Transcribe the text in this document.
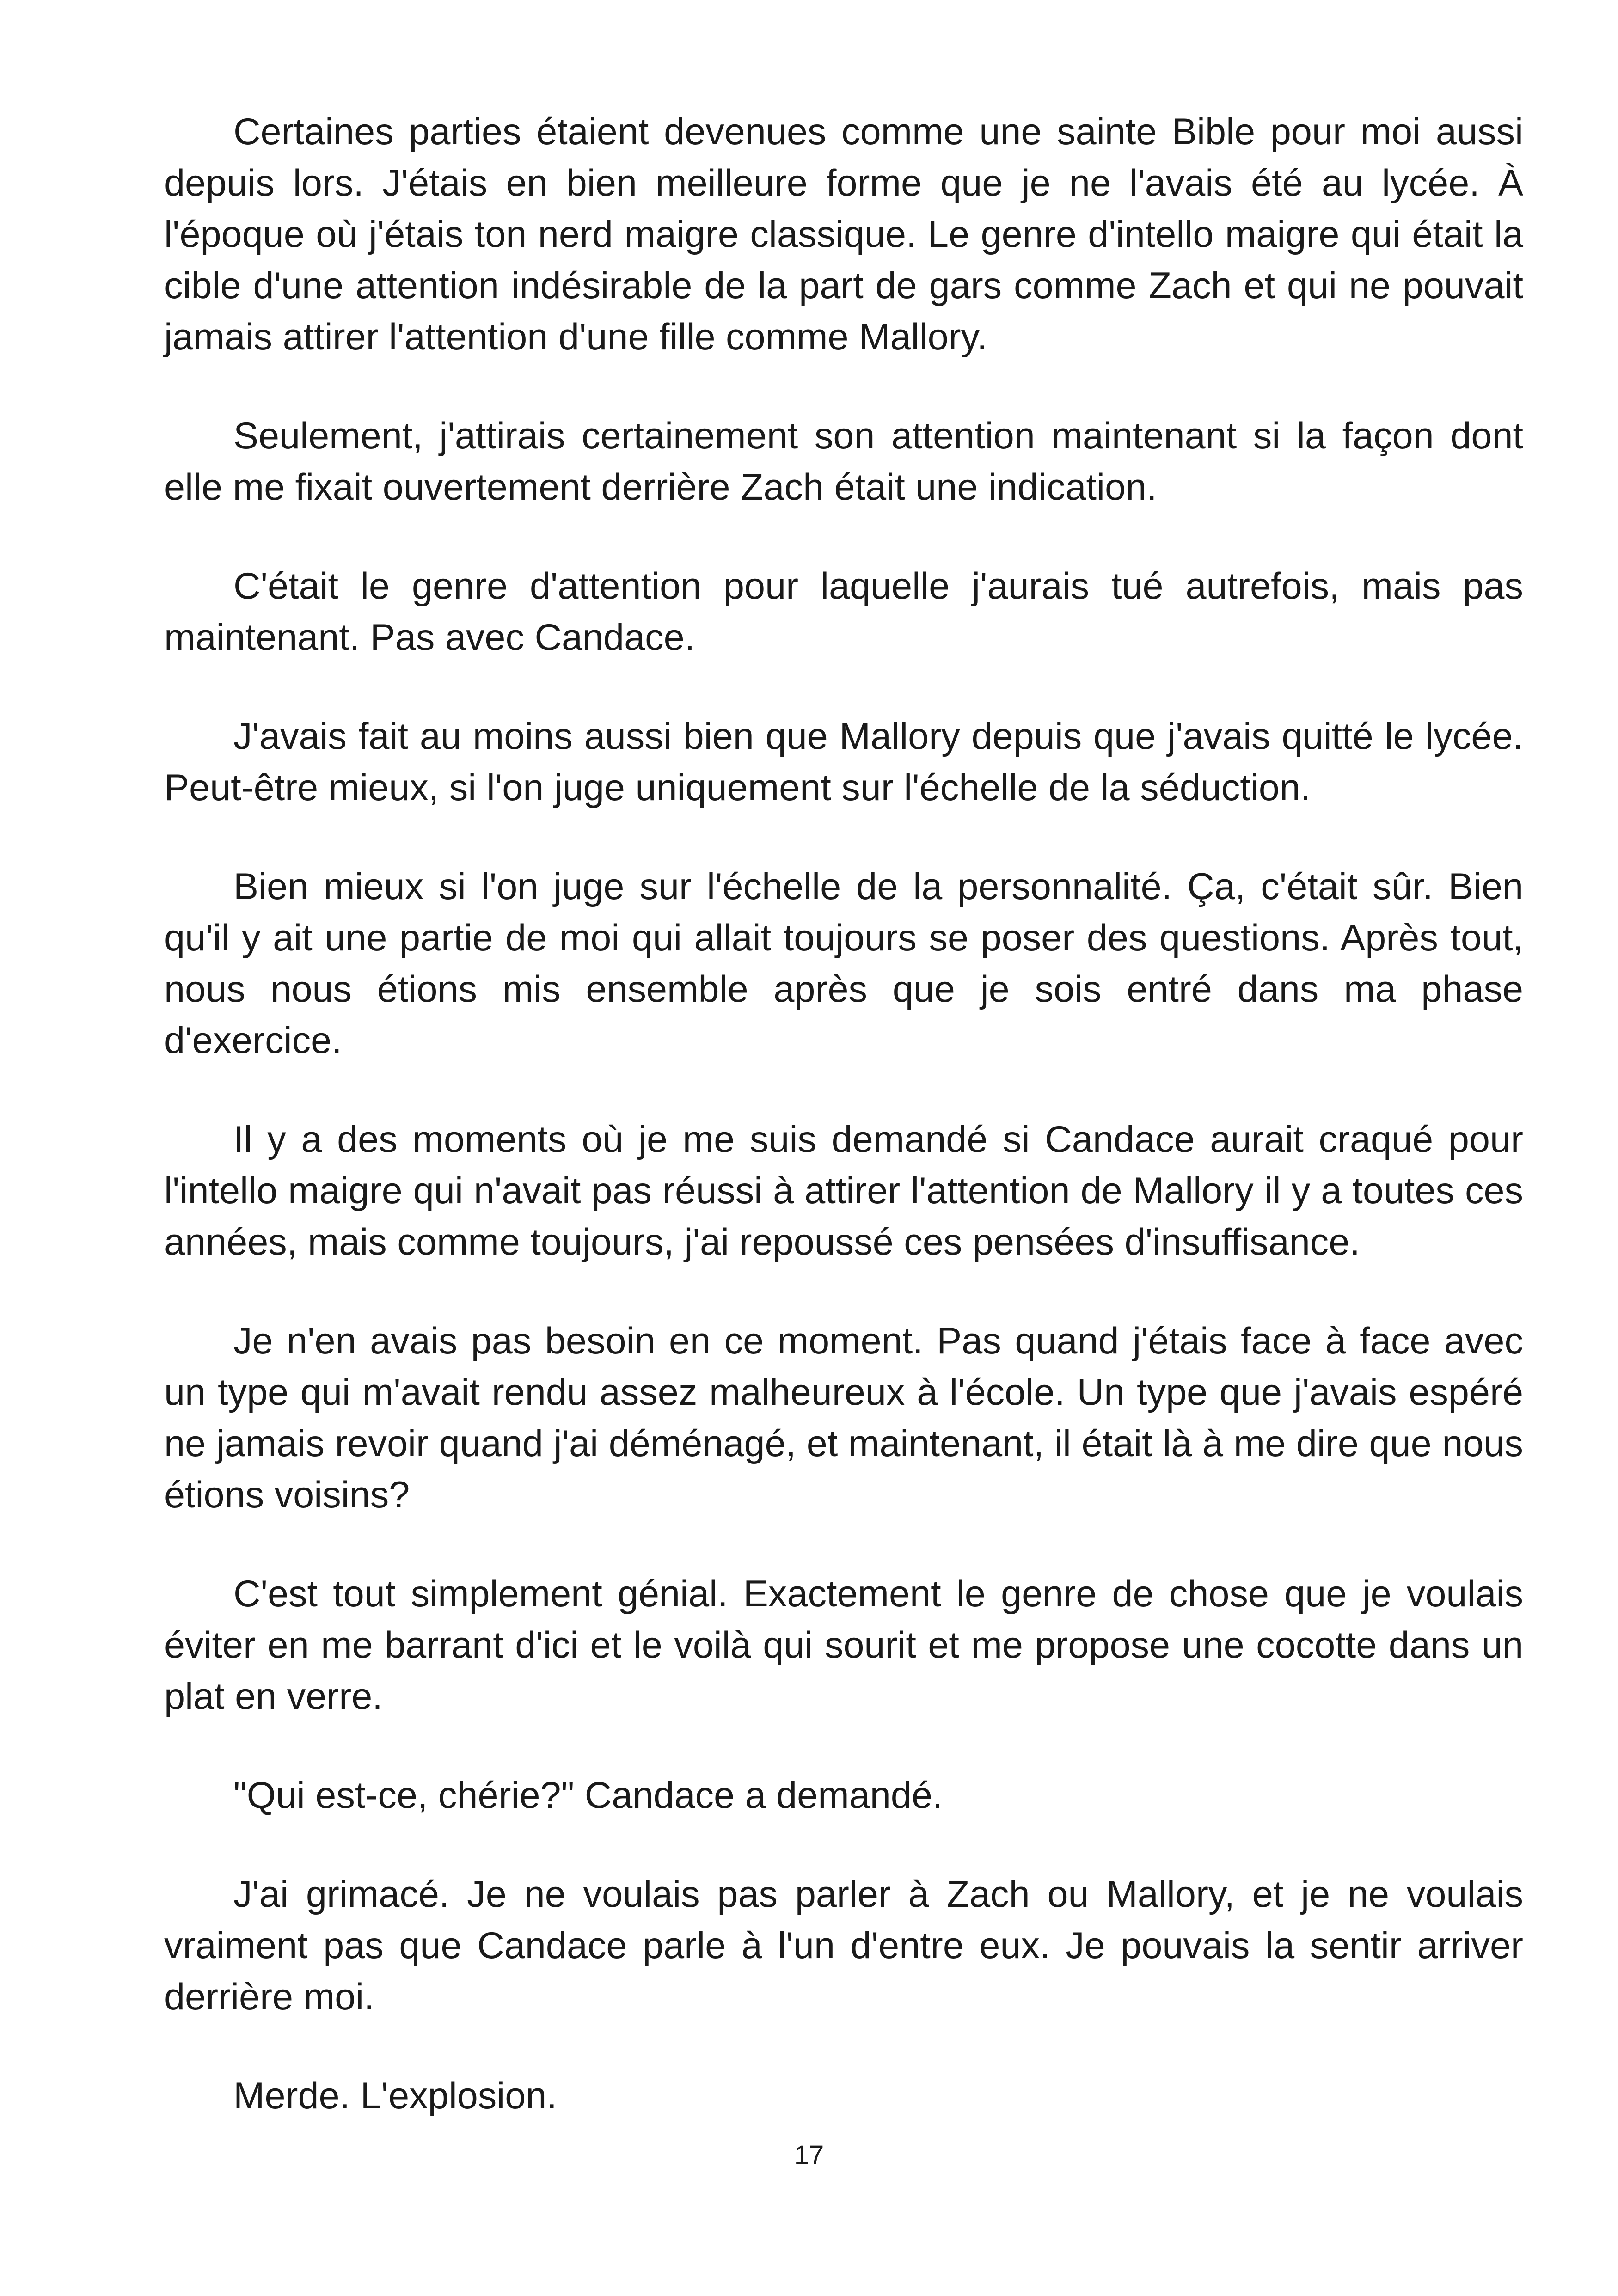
Certaines parties étaient devenues comme une sainte Bible pour moi aussi depuis lors. J'étais en bien meilleure forme que je ne l'avais été au lycée. À l'époque où j'étais ton nerd maigre classique. Le genre d'intello maigre qui était la cible d'une attention indésirable de la part de gars comme Zach et qui ne pouvait jamais attirer l'attention d'une fille comme Mallory.

Seulement, j'attirais certainement son attention maintenant si la façon dont elle me fixait ouvertement derrière Zach était une indication.

C'était le genre d'attention pour laquelle j'aurais tué autrefois, mais pas maintenant. Pas avec Candace.

J'avais fait au moins aussi bien que Mallory depuis que j'avais quitté le lycée. Peut-être mieux, si l'on juge uniquement sur l'échelle de la séduction.

Bien mieux si l'on juge sur l'échelle de la personnalité. Ça, c'était sûr. Bien qu'il y ait une partie de moi qui allait toujours se poser des questions. Après tout, nous nous étions mis ensemble après que je sois entré dans ma phase d'exercice.

Il y a des moments où je me suis demandé si Candace aurait craqué pour l'intello maigre qui n'avait pas réussi à attirer l'attention de Mallory il y a toutes ces années, mais comme toujours, j'ai repoussé ces pensées d'insuffisance.

Je n'en avais pas besoin en ce moment. Pas quand j'étais face à face avec un type qui m'avait rendu assez malheureux à l'école. Un type que j'avais espéré ne jamais revoir quand j'ai déménagé, et maintenant, il était là à me dire que nous étions voisins?

C'est tout simplement génial. Exactement le genre de chose que je voulais éviter en me barrant d'ici et le voilà qui sourit et me propose une cocotte dans un plat en verre.

"Qui est-ce, chérie?" Candace a demandé.

J'ai grimacé. Je ne voulais pas parler à Zach ou Mallory, et je ne voulais vraiment pas que Candace parle à l'un d'entre eux. Je pouvais la sentir arriver derrière moi.

Merde. L'explosion.

17
